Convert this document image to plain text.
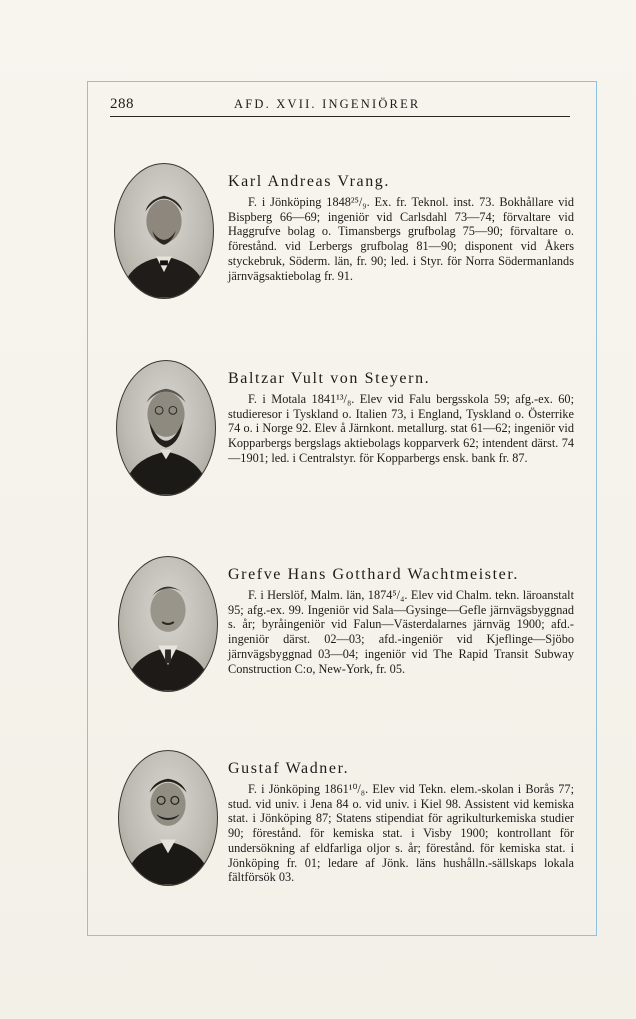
288	AFD. XVII. INGENIÖRER
Karl Andreas Vrang.
F. i Jönköping 1848²⁵/₉. Ex. fr. Teknol. inst. 73. Bokhållare vid Bispberg 66—69; ingeniör vid Carlsdahl 73—74; förvaltare vid Haggrufve bolag o. Timansbergs grufbolag 75—90; förvaltare o. förestånd. vid Lerbergs grufbolag 81—90; disponent vid Åkers styckebruk, Söderm. län, fr. 90; led. i Styr. för Norra Södermanlands järnvägsaktiebolag fr. 91.
Baltzar Vult von Steyern.
F. i Motala 1841¹³/₈. Elev vid Falu bergsskola 59; afg.-ex. 60; studieresor i Tyskland o. Italien 73, i England, Tyskland o. Österrike 74 o. i Norge 92. Elev å Järnkont. metallurg. stat 61—62; ingeniör vid Kopparbergs bergslags aktiebolags kopparverk 62; intendent därst. 74—1901; led. i Centralstyr. för Kopparbergs ensk. bank fr. 87.
Grefve Hans Gotthard Wachtmeister.
F. i Herslöf, Malm. län, 1874⁵/₄. Elev vid Chalm. tekn. läroanstalt 95; afg.-ex. 99. Ingeniör vid Sala—Gysinge—Gefle järnvägsbyggnad s. år; byråingeniör vid Falun—Västerdalarnes järnväg 1900; afd.-ingeniör därst. 02—03; afd.-ingeniör vid Kjeflinge—Sjöbo järnvägsbyggnad 03—04; ingeniör vid The Rapid Transit Subway Construction C:o, New-York, fr. 05.
Gustaf Wadner.
F. i Jönköping 1861¹⁰/₈. Elev vid Tekn. elem.-skolan i Borås 77; stud. vid univ. i Jena 84 o. vid univ. i Kiel 98. Assistent vid kemiska stat. i Jönköping 87; Statens stipendiat för agrikulturkemiska studier 90; förestånd. för kemiska stat. i Visby 1900; kontrollant för undersökning af eldfarliga oljor s. år; förestånd. för kemiska stat. i Jönköping fr. 01; ledare af Jönk. läns hushålln.-sällskaps lokala fältförsök 03.
